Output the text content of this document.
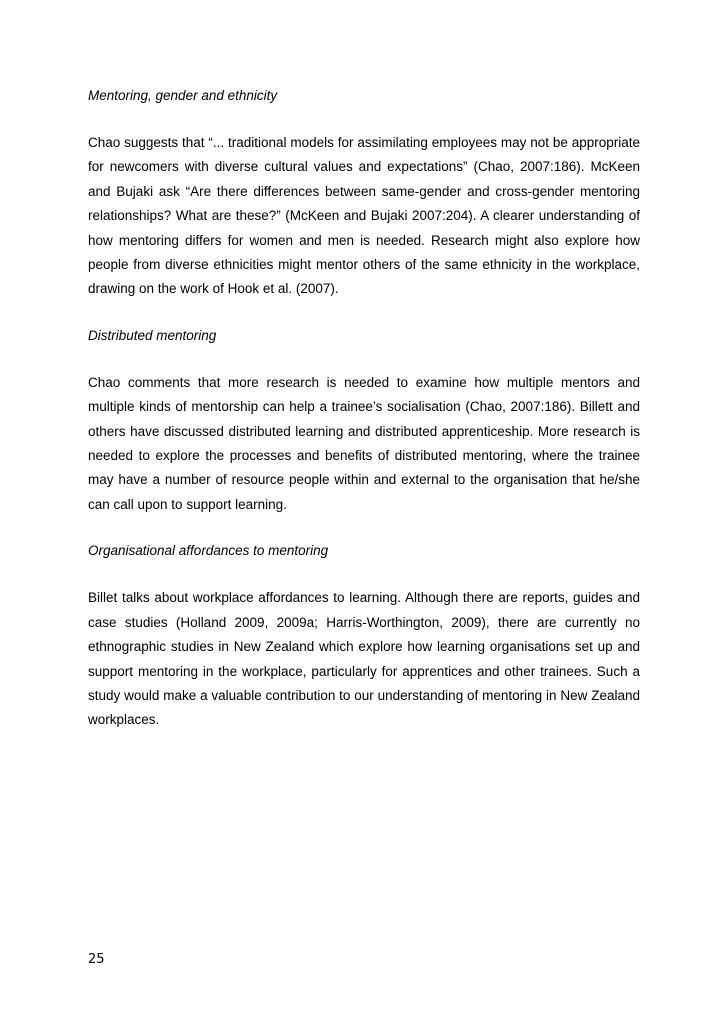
Mentoring, gender and ethnicity

Chao suggests that “... traditional models for assimilating employees may not be appropriate for newcomers with diverse cultural values and expectations” (Chao, 2007:186). McKeen and Bujaki ask “Are there differences between same-gender and cross-gender mentoring relationships? What are these?” (McKeen and Bujaki 2007:204). A clearer understanding of how mentoring differs for women and men is needed. Research might also explore how people from diverse ethnicities might mentor others of the same ethnicity in the workplace, drawing on the work of Hook et al. (2007).

Distributed mentoring

Chao comments that more research is needed to examine how multiple mentors and multiple kinds of mentorship can help a trainee’s socialisation (Chao, 2007:186). Billett and others have discussed distributed learning and distributed apprenticeship. More research is needed to explore the processes and benefits of distributed mentoring, where the trainee may have a number of resource people within and external to the organisation that he/she can call upon to support learning.

Organisational affordances to mentoring

Billet talks about workplace affordances to learning. Although there are reports, guides and case studies (Holland 2009, 2009a; Harris-Worthington, 2009), there are currently no ethnographic studies in New Zealand which explore how learning organisations set up and support mentoring in the workplace, particularly for apprentices and other trainees. Such a study would make a valuable contribution to our understanding of mentoring in New Zealand workplaces.

25
